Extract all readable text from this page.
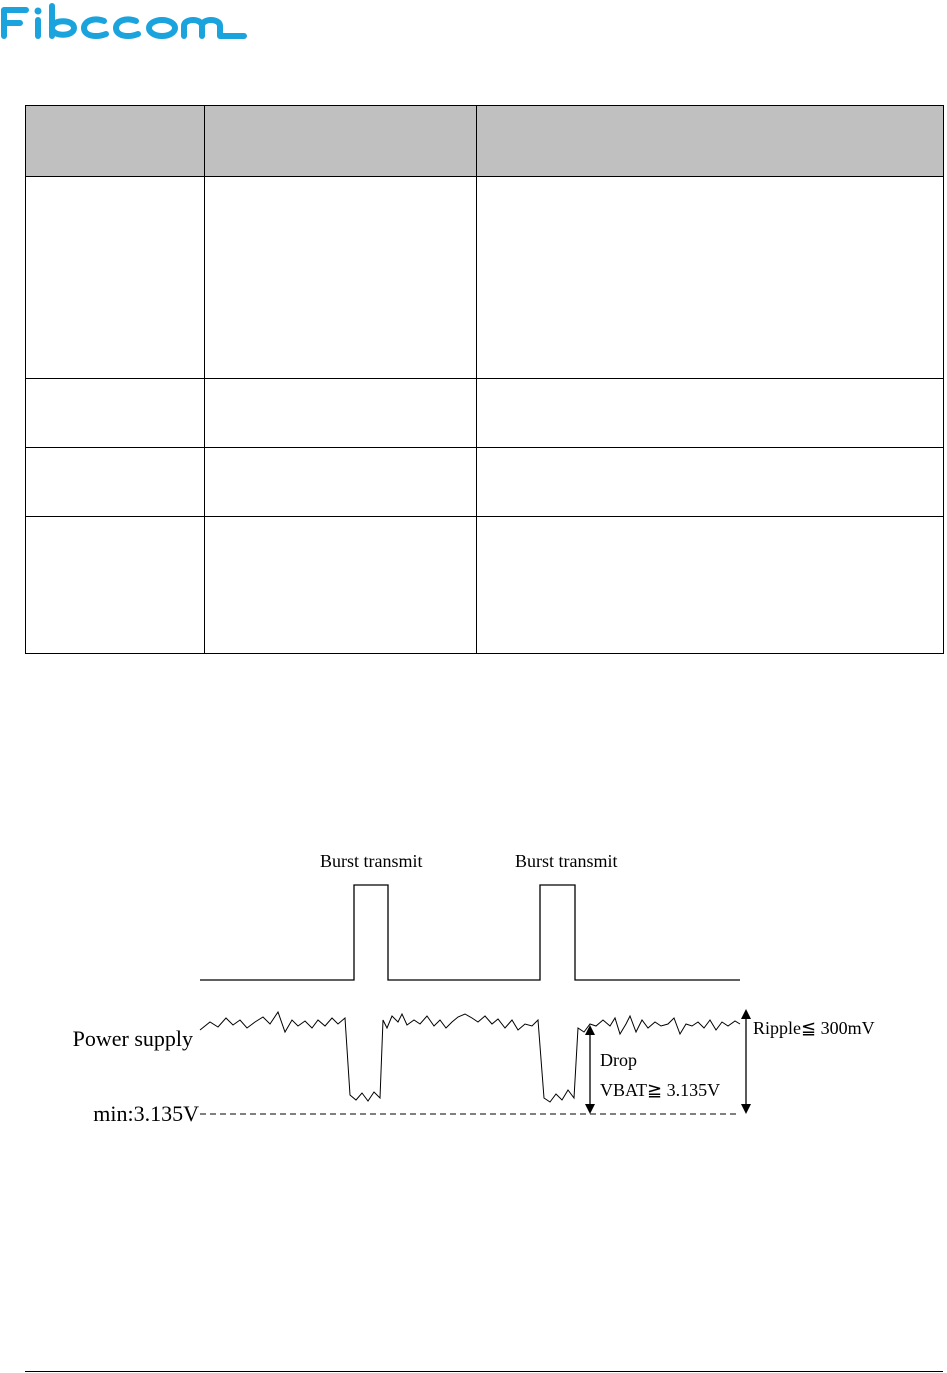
Burst transmit	Burst transmit
Power supply
min:3.135V
Drop
VBAT≧ 3.135V
Ripple≦ 300mV
